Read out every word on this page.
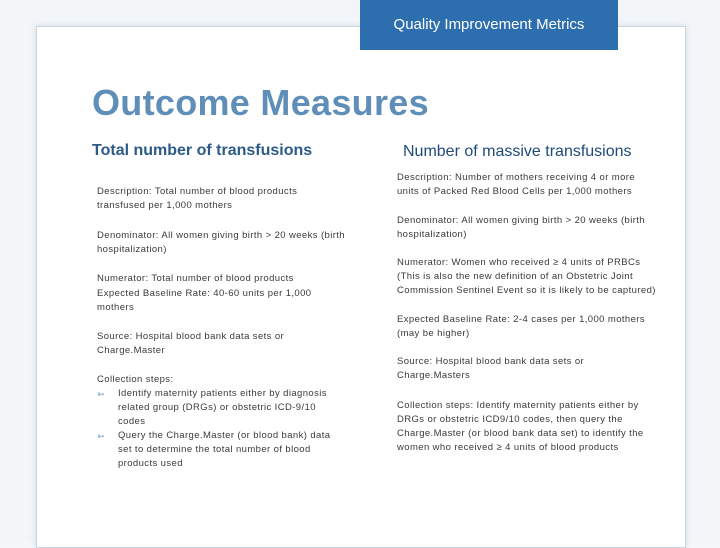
Quality Improvement Metrics
Outcome Measures
Total number of transfusions
Description: Total number of blood products transfused per 1,000 mothers
Denominator: All women giving birth > 20 weeks (birth hospitalization)
Numerator: Total number of blood products
Expected Baseline Rate: 40-60 units per 1,000 mothers
Source: Hospital blood bank data sets or Charge.Master
Collection steps:
➳ Identify maternity patients either by diagnosis related group (DRGs) or obstetric ICD-9/10 codes
➳ Query the Charge.Master (or blood bank) data set to determine the total number of blood products used
Number of massive transfusions
Description: Number of mothers receiving 4 or more units of Packed Red Blood Cells per 1,000 mothers
Denominator: All women giving birth > 20 weeks (birth hospitalization)
Numerator: Women who received ≥ 4 units of PRBCs (This is also the new definition of an Obstetric Joint Commission Sentinel Event so it is likely to be captured)
Expected Baseline Rate: 2-4 cases per 1,000 mothers (may be higher)
Source: Hospital blood bank data sets or Charge.Masters
Collection steps: Identify maternity patients either by DRGs or obstetric ICD9/10 codes, then query the Charge.Master (or blood bank data set) to identify the women who received ≥ 4 units of blood products
